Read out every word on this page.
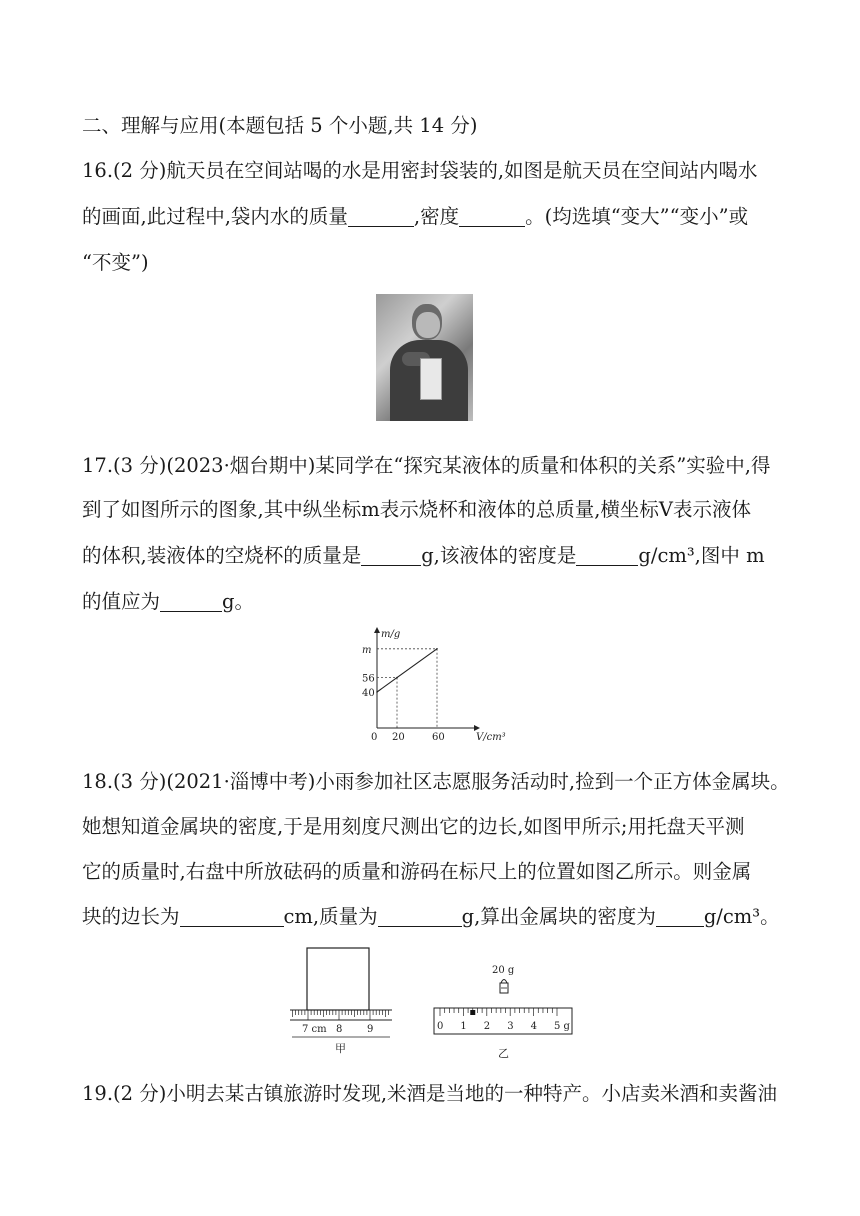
二、理解与应用(本题包括 5 个小题,共 14 分)
16.(2 分)航天员在空间站喝的水是用密封袋装的,如图是航天员在空间站内喝水
的画面,此过程中,袋内水的质量	,密度	。(均选填“变大”“变小”或
“不变”)
17.(3 分)(2023·烟台期中)某同学在“探究某液体的质量和体积的关系”实验中,得
到了如图所示的图象,其中纵坐标m表示烧杯和液体的总质量,横坐标V表示液体
的体积,装液体的空烧杯的质量是	g,该液体的密度是	g/cm³,图中 m
的值应为	g。
m/g
V/cm³
0 20	60
40
56
m
18.(3 分)(2021·淄博中考)小雨参加社区志愿服务活动时,捡到一个正方体金属块。
她想知道金属块的密度,于是用刻度尺测出它的边长,如图甲所示;用托盘天平测
它的质量时,右盘中所放砝码的质量和游码在标尺上的位置如图乙所示。则金属
块的边长为	cm,质量为	g,算出金属块的密度为 g/cm³。
7 cm 8 9
甲
20 g
0 1 2 3 4 5 g
乙
19.(2 分)小明去某古镇旅游时发现,米酒是当地的一种特产。小店卖米酒和卖酱油
